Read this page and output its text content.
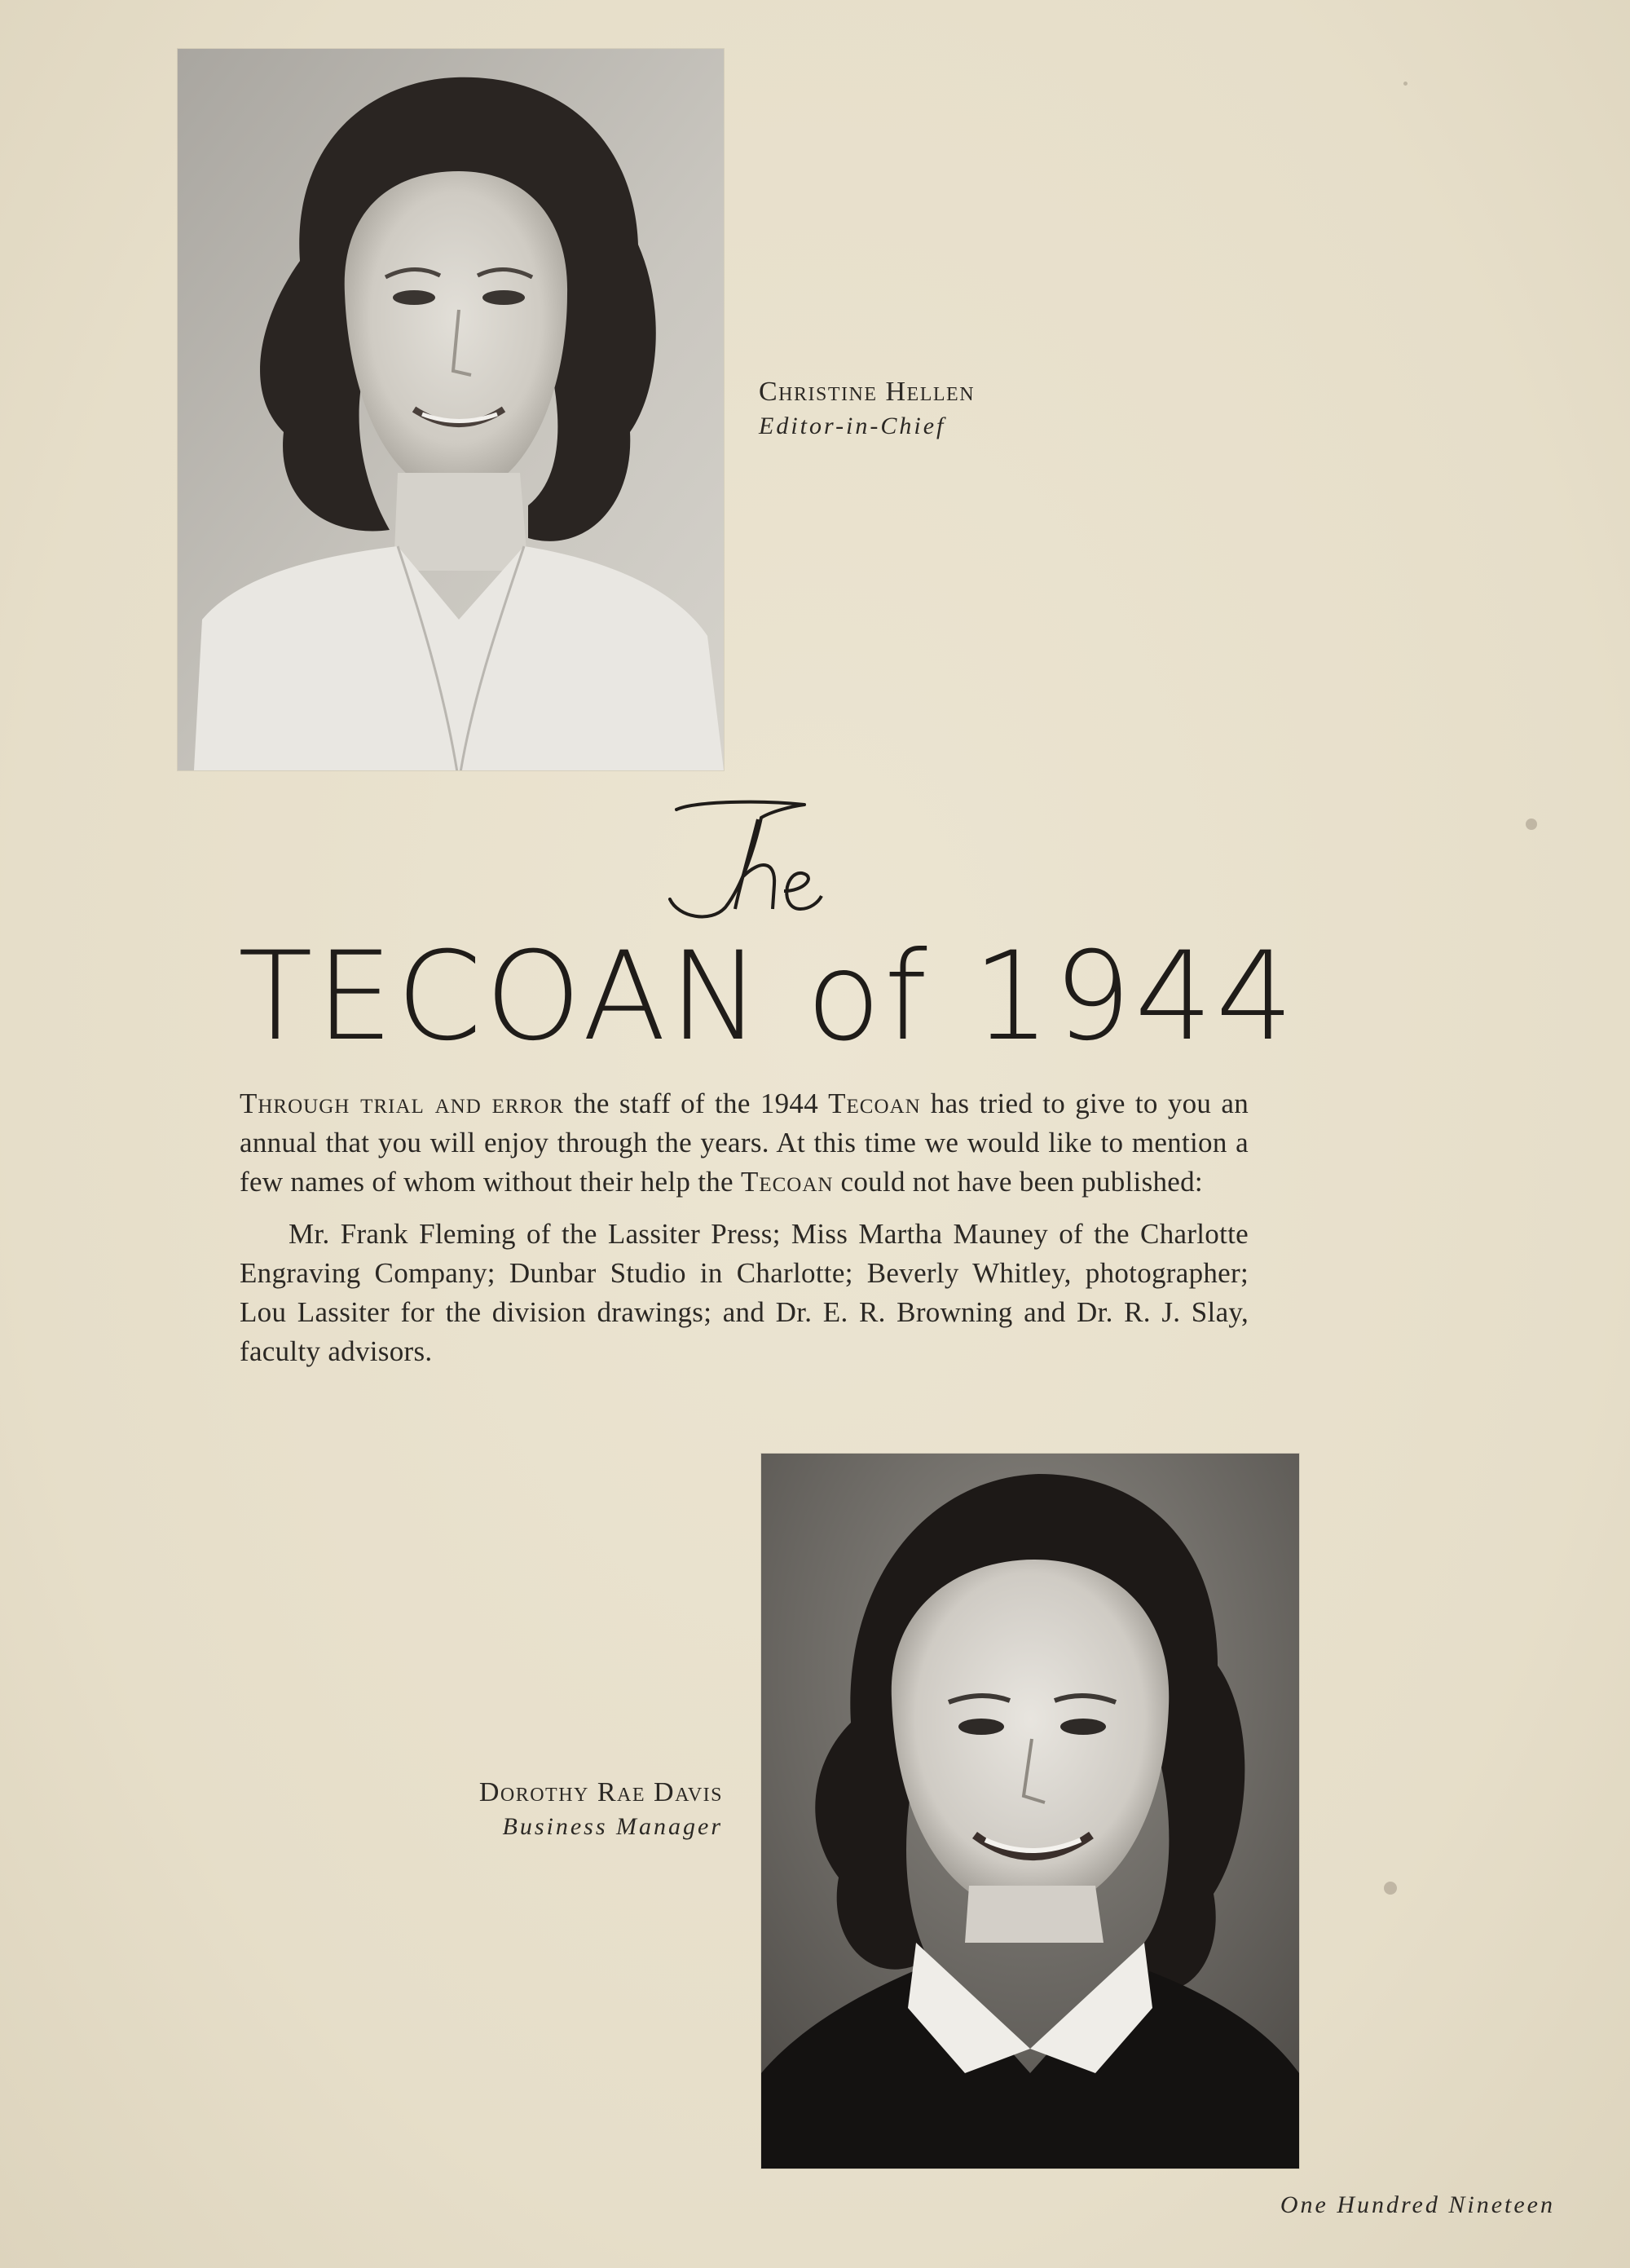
Christine Hellen
Editor-in-Chief
TECOAN of 1944

Through trial and error the staff of the 1944 Tecoan has tried to give to you an annual that you will enjoy through the years. At this time we would like to mention a few names of whom without their help the Tecoan could not have been published:

Mr. Frank Fleming of the Lassiter Press; Miss Martha Mauney of the Charlotte Engraving Company; Dunbar Studio in Charlotte; Beverly Whitley, photographer; Lou Lassiter for the division drawings; and Dr. E. R. Browning and Dr. R. J. Slay, faculty advisors.

Dorothy Rae Davis
Business Manager
One Hundred Nineteen
